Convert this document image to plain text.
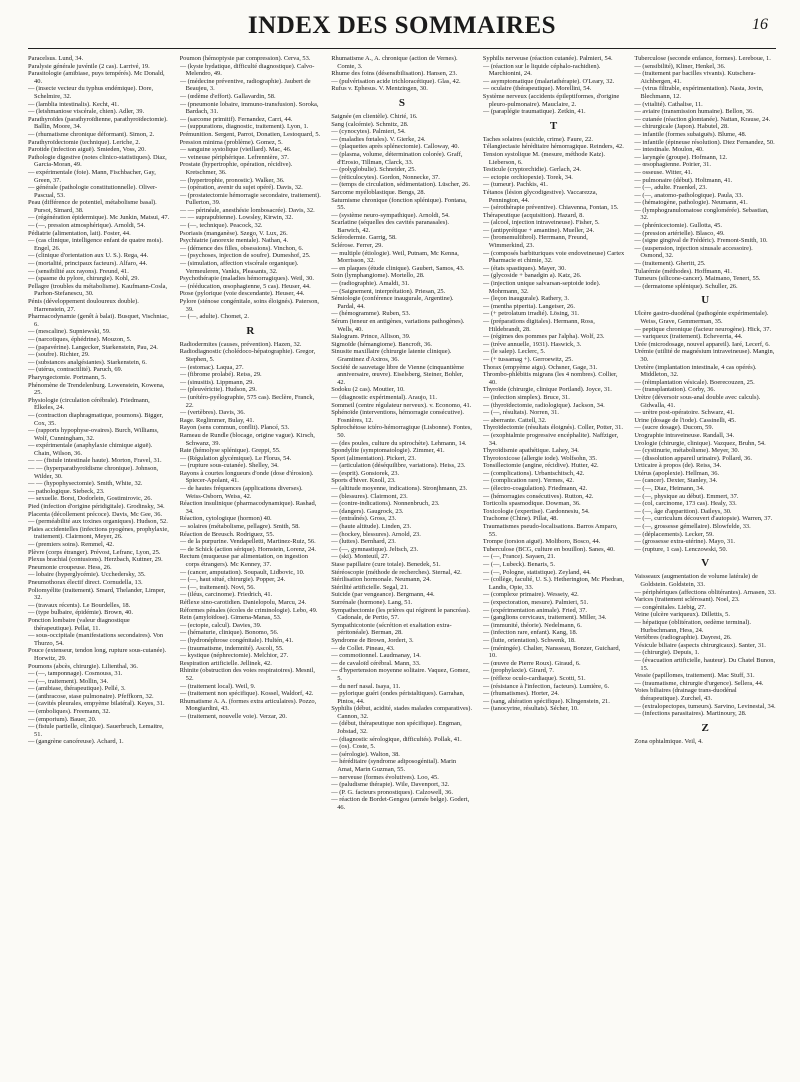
INDEX DES SOMMAIRES	16

Paracelsus. Lund, 34.

Paralysie générale juvénile (2 cas). Larrivé, 19.

Parasitologie (amibiase, puys tempérés). Mc Donald, 40.

— (insecte vecteur du typhus endémique). Dore, Schelmire, 32.

— (lamblia intestinalis). Kecht, 41.

— (leishmaniose viscérale, chien). Adler, 39.

Parathyroïdes (parathyroïdienne, parathyroïdectomie). Ballin, Moore, 34.

— (rhumatisme chronique déformant). Simon, 2.

Parathyroïdectomie (technique). Leriche, 2.

Parotide (infection aiguë). Smieden, Voss, 20.

Pathologie digestive (notes clinico-statistiques). Diaz, Garcia-Moran, 49.

— expérimentale (foie). Mann, Fischbacher, Gay, Green, 37.

— générale (pathologie constitutionnelle). Oliver-Pascual, 53.

Peau (différence de potentiel, métabolisme basal). Pursot, Simard, 38.

— (régénération épidermique). Mc Junkin, Matsui, 47.

— (—, pression atmosphérique). Arnoldi, 54.

Pédiatrie (alimentation, lait). Foster, 44.

— (cas clinique, intelligence enfant de quatre mois). Engel, 26.

— (clinique d'orientation aux U. S.). Rega, 44.

— (mortalité, principaux facteurs). Alfaro, 44.

— (sensibilité aux rayons). Freund, 41.

— (spasme du pylore, chirurgie). Kohl, 29.

Pellagre (troubles du métabolisme). Kaufmann-Cosla, Parhon-Stefanescu, 30.

Pénis (développement douloureux double). Harrenstein, 27.

Pharmacodynamie (genêt à balai). Busquet, Vischniac, 6.

— (mescaline). Supniewski, 59.

— (narcotiques, éphédrine). Mouzon, 5.

— (papavérine). Langecker, Starkenstein, Pau, 24.

— (soufre). Richter, 29.

— (substances analgésiantes). Starkenstein, 6.

— (utérus, contractilité). Paruch, 69.

Pharyngectomie. Portmann, 5.

Phénomène de Trendelenburg. Lowenstein, Kowena, 25.

Physiologie (circulation cérébrale). Friedmann, Elkeles, 24.

— (contraction diaphragmatique, poumons). Bigger, Cox, 35.

— (rapports hypophyse-ovaires). Burch, Williams, Wolf, Cunningham, 32.

— expérimentale (anaphylaxie chimique aiguë). Chain, Wilson, 36.

— — (fistule intestinale haute). Morton, Fravel, 31.

— — (hyperparathyroïdisme chronique). Johnson, Wilder, 30.

— — (hypophysectomie). Smith, White, 32.

— pathologique. Siebeck, 23.

— sexuelle. Borst, Dodorlein, Gostimirovic, 26.

Pied (infection d'origine péridigitale). Grodinsky, 34.

Placenta (décollement précoce). Davis, Mc Gee, 36.

— (perméabilité aux toxines organiques). Hudson, 52.

Plaies accidentelles (infections pyogènes, prophylaxie, traitement). Clairmont, Meyer, 26.

— (premiers soins). Remmel, 42.

Plèvre (corps étranger). Prévost, Lefranc, Lyon, 25.

Plexus brachial (contusions). Herzbach, Kuttner, 29.

Pneumonie croupeuse. Hess, 26.

— lobaire (hyperglycémie). Ucchedersky, 35.

Pneumothorax électif direct. Cornudella, 13.

Poliomyélite (traitement). Smard, Thelander, Limper, 32.

— (travaux récents). Le Bourdelles, 18.

— (type bulbaire, épidémie). Brown, 40.

Ponction lombaire (valeur diagnostique thérapeutique). Pellat, 11.

— sous-occipitale (manifestations secondaires). Von Thurzo, 54.

Pouce (extenseur, tendon long, rupture sous-cutanée). Horwitz, 29.

Poumons (abcès, chirurgie). Lilienthal, 36.

— (—, tamponnage). Cosmouss, 31.

— (—, traitement). Mollin, 34.

— (amibiase, thérapeutique). Pellé, 3.

— (anthracose, stase pulmonaire). Pfeffkorn, 32.

— (cavités pleurales, empyème bilatéral). Keyes, 31.

— (emboliques). Freemann, 32.

— (emporium). Bauer, 20.

— (fistule partielle, clinique). Sauerbruch, Lemaitre, 51.

— (gangrène cancéreuse). Achard, 1.

Poumon (hémoptysie par compression). Cerva, 53.

— (kyste hydatique, difficulté diagnostique). Calvo-Melendro, 49.

— (médecine préventive, radiographie). Jaubert de Beaujeu, 3.

— (œdème d'effort). Gallavardin, 58.

— (pneumonie lobaire, immuno-transfusion). Soroka, Bardach, 31.

— (sarcome primitif). Fernandez, Carri, 44.

— (suppurations, diagnostic, traitement). Lyon, 1.

Prémunition. Sergent, Parrot, Donatien, Lestoquard, 5.

Pression minima (problème). Gomez, 5.

— sanguine systolique (vieillard). Mac, 46.

— veineuse périphérique. Lefrennière, 37.

Prostate (hypertrophie, opération, récidive). Kretschmer, 36.

— (hypertrophie, pronostic). Walker, 36.

— (opération, avenir du sujet opéré). Davis, 32.

— (prostatectomie hémorragie secondaire, traitement). Fullerton, 39.

— — périnéale, anesthésie lombosacrée). Davis, 32.

— — suprapubienne). Lowsley, Kirwin, 32.

— (—, technique). Peacock, 32.

Psoriasis (manganèse). Szego, V. Lux, 26.

Psychiatrie (anorexie mentale). Nathan, 4.

— (démence des filles, obsessions). Vinchon, 6.

— (psychoses, injection de soufre). Dumeshof, 25.

— (simulation, affection viscérale organique). Vermeuleren, Vankis, Pleasants, 32.

Psychothérapie (maladies hémorragiques). Weil, 30.

— (rééducation, œsophagienne, 5 cas). Heuser, 44.

Ptose (pylorique (voie descendante). Heuser, 44.

Pylore (sténose congénitale, soins éloignés). Paterson, 39.

— (—, adulte). Chomet, 2.

R

Radiodermites (causes, prévention). Hazen, 32.

Radiodiagnostic (cholédoco-hépatographie). Gregor, Stephen, 5.

— (estomac). Laqua, 27.

— (fibrome prolabé). Reiss, 29.

— (sinusitis). Lippmann, 29.

— (pleuvéricite). Hudson, 29.

— (urétéro-pyélographie, 575 cas). Beclère, Franck, 22.

— (vertèbres). Davis, 36.

Rage. Reglimmer, Bulay, 41.

Rayon (sens commun, conflit). Plancé, 53.

Rameau de Rundle (blocage, origine vague). Kirsch, Schwanz, 39.

Rate (hémolyse splénique). Greppi, 55.

— (Régulation glycémique). Le Florus, 54.

— (rupture sous-cutanée). Shelley, 34.

Rayons à courtes longueurs d'onde (dose d'érosion). Spiecer-Apolant, 41.

— de hautes fréquences (applications diverses). Weiss-Osborn, Weiss, 42.

Réaction insulinique (pharmacodynamique). Rashad, 34.

Réaction, cytologique (hormon) 40.

— solaires (métabolisme, pellagre). Smith, 58.

Réaction de Breusch. Rodriguez, 55.

— de la purpurine. Vendapelletti, Martinez-Ruiz, 56.

— de Schick (action sérique). Hornstein, Lorenz, 24.

Rectum (muqueuse par alimentation, on ingestion corps étrangers). Mc Kenney, 37.

— (cancer, amputation). Soupault, Lidbovic, 10.

— (—, haut situé, chirurgie). Popper, 24.

— (—, traitement). Novi, 56.

— (iléus, carcinome). Friedrich, 41.

Réflexe sino-carotidien. Danielopolu, Marcu, 24.

Réformes pénales (écoles de criminologie). Lebo, 49.

Rein (amyloïdose). Gimena-Manas, 53.

— (ectopie, calcul). Davies, 39.

— (hématurie, clinique). Bonomo, 56.

— (hydronéphrose congénitale). Hultén, 41.

— (traumatisme, indemnité). Ascoli, 55.

— kystique (néphrectomie). Melchior, 27.

Respiration artificielle. Jellinek, 42.

Rhinite (obstruction des voies respiratoires). Mesnil, 52.

— (traitement local). Weil, 9.

— (traitement non spécifique). Kossel, Waldorf, 42.

Rhumatisme A. A. (formes extra articulaires). Pozzo, Mongiardini, 43.

— (traitement, nouvelle voie). Verzar, 20.

Rhumatisme A., A. chronique (action de Vernes). Comte, 3.

Rhume des foins (désensibilisation). Hansen, 23.

— (pulvérisation acide trichloracétique). Glas, 42.

Rufus v. Ephesus. V. Mentzingen, 30.

S

Saignée (en clientèle). Chirié, 16.

Sang (calcémie). Schmitz, 28.

— (cynocytes). Palmieri, 54.

— (maladies fœtales). V. Gierke, 24.

— (plaquettes après splénectomie). Calloway, 40.

— (plasma, volume, détermination colorée). Graff, d'Erosio, Tillman, Clarck, 33.

— (polyglobulie). Schneider, 25.

— (réticulocytes). Gordon, Nonnecke, 37.

— (temps de circulation, sédimentation). Lüscher, 26.

Sarcome myéloblastique. Bengs, 28.

Saturnisme chronique (fonction splénique). Fontana, 55.

— (système neuro-sympathique). Arnoldi, 54.

Scarlatine (séquelles des cavités paranasales). Barwich, 42.

Sclérodermie. Garrig, 58.

Sclérose. Ferrer, 29.

— multiple (étiologie). Weil, Putnam, Mc Kenna, Morrisson, 32.

— en plaques (étude clinique). Gaubert, Samos, 43.

Soin (lymphangiome). Mortello, 28.

— (radiographie). Amaldi, 31.

— (Saignement, interprétation). Priesan, 25.

Sémiologie (conférence inaugurale, Argentine). Pardal, 44.

— (hémogramme). Ruben, 53.

Sérum (teneur en antigènes, variations pathogènes). Wells, 40.

Sialogram. Prince, Allison, 39.

Sigmoïde (hémangiome). Bancroft, 36.

Sinusite maxillaire (chirurgie latente clinique). Gramtinez d'Axiros, 36.

Société de sauvetage libre de Vienne (cinquantième anniversaire, œuvre). Eiselsberg, Steiner, Bohler, 42.

Sodoku (2 cas). Moutier, 10.

— (diagnostic expérimental). Araujo, 11.

Sommeil (centre régulateur nerveux). v. Economo, 41.

Sphénoïde (interventions, hémorragie consécutive). Fosnières, 12.

Sphrochétose ictéro-hémorragique (Lisbonne). Fontes, 50.

— (des poules, culture du spirochète). Lehmann, 14.

Spondylite (symptomatologie). Zimmer, 41.

Sport (alimentation). Pickert, 23.

— (articulation (déséquilibre, variations). Heiss, 23.

— (esprit). Gonsiorek, 23.

Sports d'hiver. Knoll, 23.

— (altitude moyenne, indications). Stronjhmann, 23.

— (blessures). Clairmont, 23.

— (contre-indications). Nonnenbruch, 23.

— (dangers). Gaugrock, 23.

— (entraînés). Gross, 23.

— (haute altitude). Linden, 23.

— (hockey, blessures). Arnold, 23.

— (luttes). Bernhard, 23.

— (—, gymnastique). Jeltsch, 23.

— (ski). Monteuil, 27.

Stase papillaire (cure totale). Benedek, 51.

Stéréoscopie (méthode de recherches). Sternal, 42.

Stérilisation hormonale. Neumann, 24.

Stérilité artificielle. Segal, 21.

Suicide (par vengeance). Bergmann, 44.

Surrénale (hormone). Lang, 51.

Sympathectomie (les prières qui régirent le pancréas). Cadonale, de Pertio, 57.

Sympathicotonie (sécrétion et exaltation extra-péritonéale). Berman, 28.

Syndrome de Brown, Jordert, 3.

— de Collet. Pineau, 43.

— commotionnel. Laudmanay, 14.

— de cavaloïd cérébral. Mann, 33.

— d'hypertension moyenne solitaire. Vaquez, Gomez, 5.

— du nerf nasal. Isaya, 11.

— pylorique guéri (ondes péristaltiques). Garrahan, Pintos, 44.

Syphilis (début, acidité, stades malades comparatives). Cannon, 32.

— (début, thérapeutique non spécifique). Engman, Jobstad, 32.

— (diagnostic sérologique, difficultés). Pollak, 41.

— (os). Coste, 5.

— (sérologie). Walton, 38.

— héréditaire (syndrome adiposogénital). Marin Amat, Marin Guzman, 55.

— nerveuse (formes évolutives). Loo, 45.

— (paludisme thérapie). Wile, Davenport, 32.

— (P. G. facteurs pronostiques). Calzowell, 36.

— réaction de Bordet-Gengou (armée belge). Godert, 46.

Syphilis nerveuse (réaction cutanée). Palmieri, 54.

— (réaction sur le liquide céphalo-rachidien). Marchionini, 24.

— asymptomatique (malariathérapie). O'Leary, 32.

— oculaire (thérapeutique). Morellini, 54.

Système nerveux (accidents épileptiformes, d'origine pleuro-pulmonaire). Mauclaire, 2.

— (paraplégie traumatique). Zetkin, 41.

T

Taches solaires (suicide, crime). Faure, 22.

Télangiectasie héréditaire hémorragique. Reinders, 42.

Tension systolique M. (mesure, méthode Katz). Lieberson, 6.

Testicule (cryptorchidie). Gerlach, 24.

— ectopie orchiopexie). Torek, 34.

— (tumeur). Pachkis, 41.

Tétanos (lésion glycodigestive). Vaccarezza, Pennington, 44.

— (sérothérapie préventive). Chiavenna, Fontan, 15.

Thérapeutique (acquisition). Hazard, 8.

— (alcool, injection intraveineuse). Fisher, 5.

— (antipyrétique + amantine). Mueller, 24.

— (bromemultibrol). Herrmann, Freund, Wimmerkind, 23.

— (composés barbituriques voie endoveineuse) Cartex Pharmacie et chimie, 32.

— (états spastiques). Mayer, 30.

— (glycoside + banadgin a). Katz, 26.

— (injection unique salvarsan-septoide iode). Mohrmann, 32.

— (leçon inaugurale). Rathery, 3.

— (mentha piperita). Langeiser, 26.

— (+ petrolatum irradié). Lösing, 31.

— (préparations digitales). Hermann, Ross, Hildebrandt, 28.

— (régimes des pommes par l'alpha). Wolf, 23.

— (tréve annuelle, 1931). Haswick, 3.

— (le salep). Leclerc, 5.

— (+ tussamag +). Gerroewitz, 25.

Thorax (empyème aigu). Ochsner, Gage, 31.

Thrombo-phlébitis migrans (les 4 nombres). Collier, 40.

Thyroïde (chirurgie, clinique Portland). Joyce, 31.

— (infection simplex). Bruce, 31.

— (thyroïdectomie, radiologique). Jackson, 34.

— (—, résultats). Norren, 31.

— aberrante. Cattell, 32.

Thyroïdectomie (résultats éloignés). Coller, Potter, 31.

— (exophtalmie progressive encéphalite). Naffziger, 34.

Thyroïdismie apathétique. Lahey, 34.

Thyrotoxicose (allergie iode). Wolfsohn, 35.

Tonsillectomie (angine, récidive). Hutter, 42.

— (complications). Urbantschitsch, 42.

— (complication rare). Yermes, 42.

— (électro-coagulation). Friedmann, 42.

— (hémorragies consécutives). Rutton, 42.

Torticolis spasmodique. Dowman, 36.

Toxicologie (expertise). Cardonnesiu, 54.

Trachome (Chine). Pillat, 48.

Traumatismes pseudo-localisations. Barros Amparo, 55.

Trompe (torsion aiguë). Moliboro, Bosco, 44.

Tuberculose (BCG, culture en bouillon). Sanes, 40.

— (—, France). Sayaen, 21.

— (—, Lubeck). Benaris, 5.

— (—, Pologne, statistique). Zeyland, 44.

— (collège, faculté, U. S.). Hetherington, Mc Phedran, Landis, Opie, 33.

— (complexe primaire). Wesseiy, 42.

— (expectoration, mesure). Palmieri, 51.

— (expérimentation animale). Fried, 37.

— (ganglions cervicaux, traitement). Miller, 34.

— (immunité, théorie). Nedelmann, 6.

— (infection rare, enfant). Kang, 18.

— (lutte, orientation). Schwenk, 18.

— (méningée). Chalier, Nansseau, Bonzer, Guichard, 10.

— (œuvre de Pierre Roux). Giraud, 6.

— (prophylaxie). Girard, 7.

— (réflexe oculo-cardiaque). Scotti, 51.

— (résistance à l'infection, facteurs). Lumière, 6.

— (rhumatismes). Horter, 24.

— (sang, altération spécifique). Klingenstein, 21.

— (tanocyrine, résultats). Sécher, 10.

Tuberculose (seconde enfance, formes). Lereboue, 1.

— (sensibilité), Kliner, Henkel, 36.

— (traitement par bacilles vivants). Kutschera-Aichbergen, 41.

— (virus filtrable, expérimentation). Nasta, Jovin, Blechmann, 12.

— (vitalité). Cathalise, 11.

— aviaire (transmission humaine). Bellon, 36.

— cutanée (réaction glomtanée). Nattan, Krause, 24.

— chirurgicale (Japon). Habutel, 28.

— infantile (formes subaiguës). Blume, 48.

— infantile (épineuse résolution). Diez Fernandez, 50.

— intestinale. Moulon, 40.

— laryngée (groupe). Hofmann, 12.

— œsophagienne. Poirier, 31.

— osseuse. Witter, 41.

— pulmonaire (début). Holtmann, 41.

— (—, adulte. Fraenkel, 23.

— (—, anatomo-pathologique). Paula, 33.

— (hématogène, pathologie). Neumann, 41.

— (lymphogranulomatose conglomérée). Sebastian, 32.

— (phrénicectomie). Gullotta, 45.

— (pression artérielle). Blasco, 49.

— (signe gingival de Frédéric). Fremont-Smith, 10.

— (suspension, injection sinusale accessoire). Osmond, 32.

— (traitement). Gheritt, 25.

Tularémie (méthodes). Hoffmann, 41.

Tumeurs (silicone-cancer). Maimano, Tenert, 55.

— (dermatome splénique). Schuller, 26.

U

Ulcère gastro-duodénal (pathogénie expérimentale). Weiss, Grave, Gemmerman, 35.

— peptique chronique (facteur neurogène). Hick, 37.

— variqueux (traitement). Echeverria, 44.

Urée (microdosage, nouvel appareil). Iaré, Lecerf, 6.

Urémie (utilité de magnésium intraveineuse). Mangin, 30.

Uretère (implantation intestinale, 4 cas opérés). Middleton, 32.

— (réimplantation vésicale). Boerecouzen, 25.

— (transplantation). Corby, 36.

Urètre (déversoir sous-anal double avec calculs). Gidwalla, 41.

— urètre post-opératoire. Schwarz, 41.

Urine (dosage de l'iode). Cassinelli, 45.

— (sucre dosage). Ducom, 59.

Urographie intraveineuse. Randall, 34.

Urologie (chirurgie, clinique). Vazquez, Bruhn, 54.

— (cystinurie, métabolisme). Meyer, 30.

— (dissolution appareil urinaire). Pollard, 36.

Urticaire à propos (de). Reiss, 34.

Utérus (apoplexie). Hellman, 36.

— (cancer). Dexter, Stanley, 34.

— (—, Diaz, Heimann, 34.

— (—, physique au début). Emmert, 37.

— (col, carcinome, 173 cas). Healy, 33.

— (—, âge d'apparition). Daileys, 30.

— (—, curriculum découvert d'autopsie). Warren, 37.

— (—, grossesse gémellaire). Blowfelde, 33.

— (déplacements). Lecker, 59.

— (grossesse extra-utérine). Mayo, 31.

— (rupture, 1 cas). Lenczowski, 50.

V

Vaisseaux (augmentation de volume latérale) de Goldstein. Goldstein, 33.

— périphériques (affections oblitérantes). Arnasen, 33.

Varices (traitement sclérosant). Noel, 23.

— congénitales. Liebig, 27.

Veine (ulcère variqueux). Dillettis, 5.

— hépatique (oblitération, oedème terminal). Hurbschmann, Hess, 24.

Vertèbres (radiographie). Dayrest, 26.

Vésicule biliaire (aspects chirurgicaux). Santer, 31.

— (chirurgie). Depuis, 1.

— (évacuation artificielle, hauteur). Du Chatel Bunon, 15.

Vessie (papillomes, traitement). Mac Stuff, 31.

— (traumatisme, chirurgie d'urgence). Sellera, 44.

Voies biliaires (drainage trans-duodénal thérapeutique). Zurchel, 43.

— (extralopectopes, tumeurs). Sarvino, Levinestal, 34.

— (infections parasitaires). Martinoury, 28.

Z

Zona ophtalmique. Veil, 4.
